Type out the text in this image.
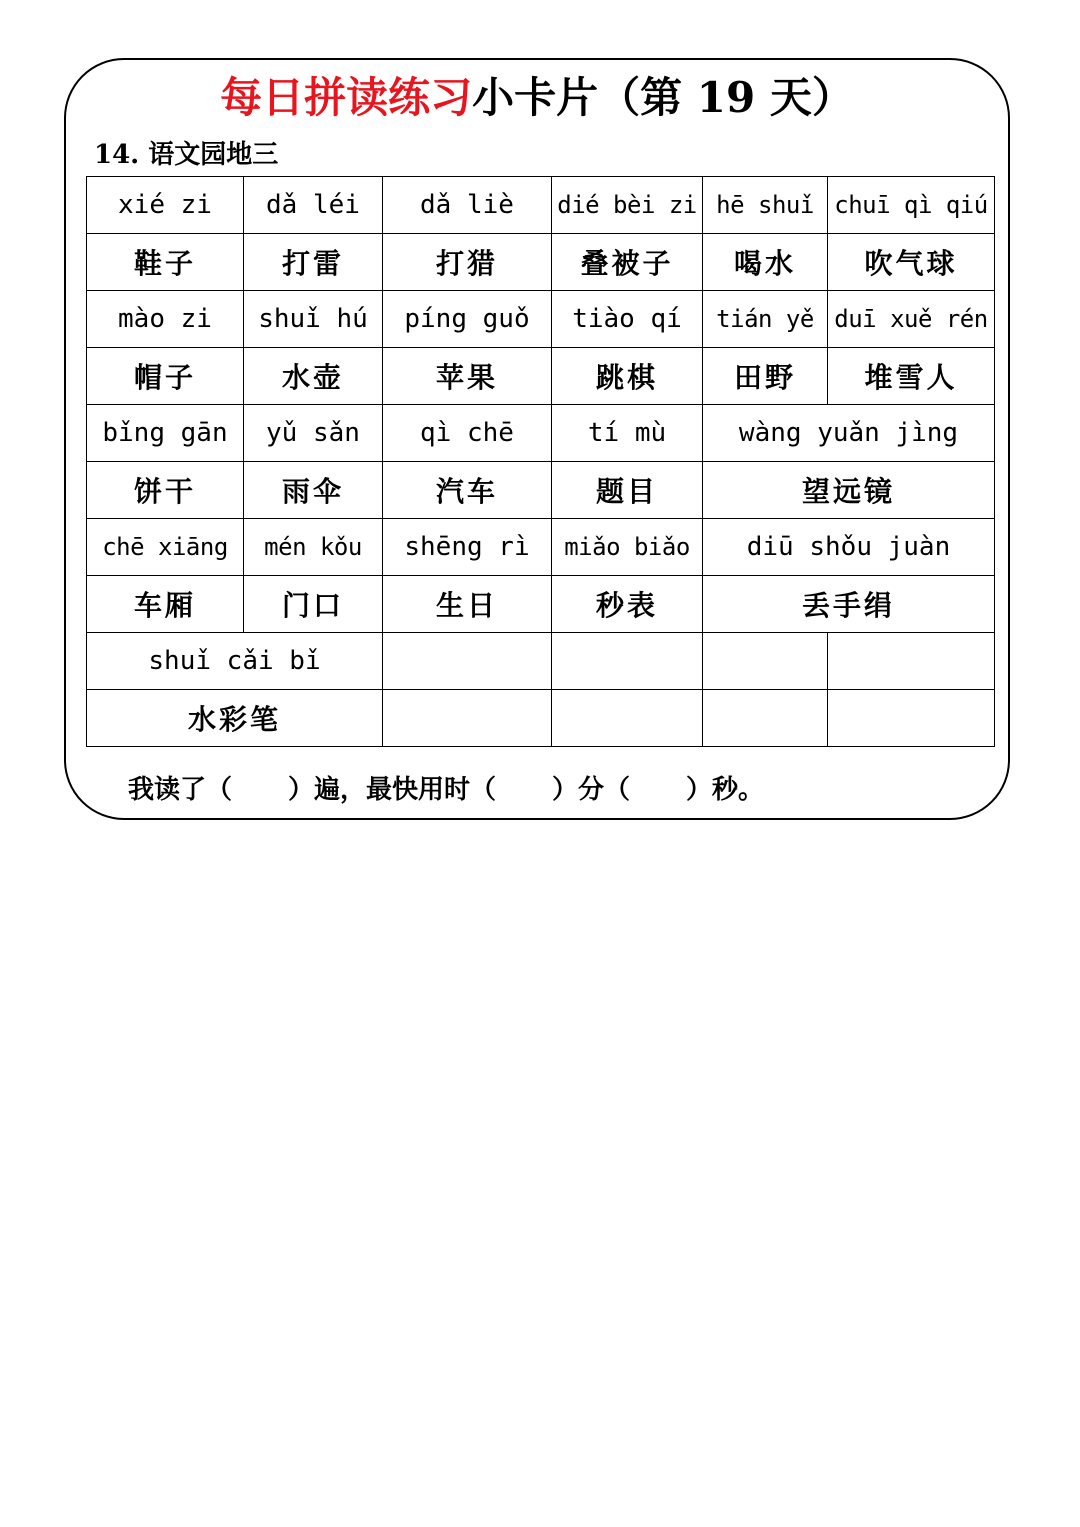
每日拼读练习小卡片（第 19 天）
14. 语文园地三
xié zi	dǎ léi	dǎ liè	dié bèi zi	hē shuǐ	chuī qì qiú
鞋子	打雷	打猎	叠被子	喝水	吹气球
mào zi	shuǐ hú	píng guǒ	tiào qí	tián yě	duī xuě rén
帽子	水壶	苹果	跳棋	田野	堆雪人
bǐng gān	yǔ sǎn	qì chē	tí mù	wàng yuǎn jìng	
饼干	雨伞	汽车	题目	望远镜	
chē xiāng	mén kǒu	shēng rì	miǎo biǎo	diū shǒu juàn	
车厢	门口	生日	秒表	丢手绢	
shuǐ cǎi bǐ					
水彩笔					
我读了（ ）遍，最快用时（ ）分（ ）秒。
